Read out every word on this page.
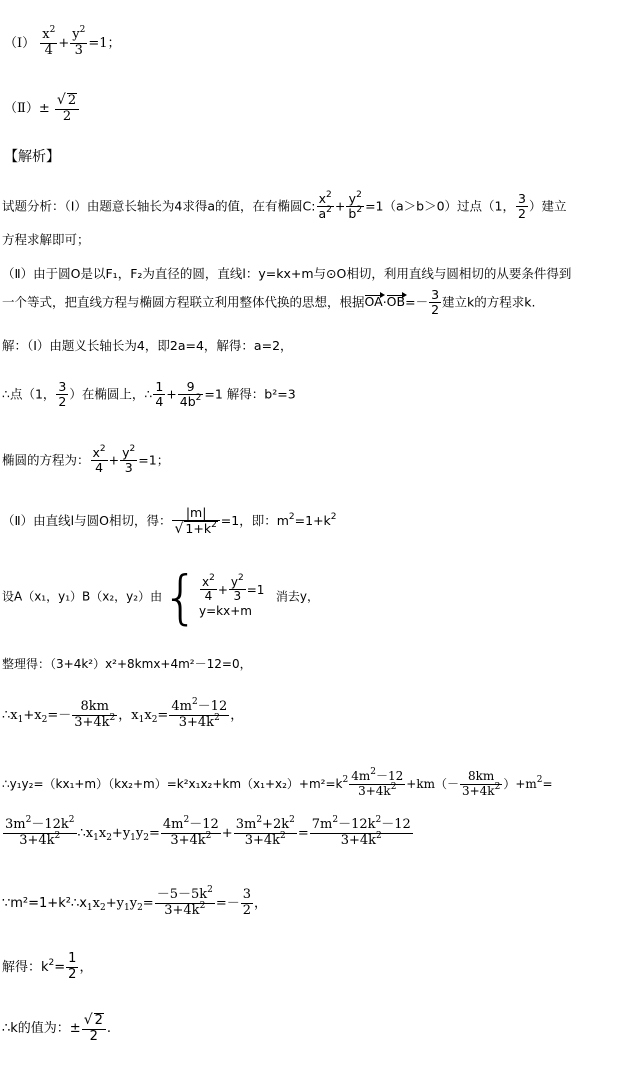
（Ⅰ） $\frac{x^2}{4} + \frac{y^2}{3} =1$；
（Ⅱ）± $\frac{√ 2}{2}$
【解析】
试题分析：（Ⅰ）由题意长轴长为4求得a的值，在有椭圆C: $\frac{x^2}{a^2} + \frac{y^2}{b^2} =1(a>b>0)$过点（1， $\frac{3}{2}$ ）建立
方程求解即可；
（Ⅱ）由于圆O是以F₁，F₂为直径的圆，直线l：y=kx+m与⊙O相切，利用直线与圆相切的从要条件得到
一个等式，把直线方程与椭圆方程联立利用整体代换的思想，根据$OA\cdot OB=- \frac{3}{2}$ 建立k的方程求k.
解：（Ⅰ）由题义长轴长为4，即2a=4，解得：a=2，
∴点（1， $\frac{3}{2}$ ）在椭圆上，∴ $\frac{1}{4} + \frac{9}{4b^2} =1$ 解得：b²=3
椭圆的方程为： $\frac{x^2}{4} + \frac{y^2}{3} =1$；
（Ⅱ）由直线l与圆O相切，得： $\frac{|m|}{√ 1+k^2} =1$，即：$m^2=1+k^2$
设A（x₁，y₁）B（x₂，y₂）由{ $\frac{x^2}{4} + \frac{y^2}{3} =1$
y=kx+m
消去y，
整理得：（3+4k²）x²+8kmx+4m²－12=0，
$\therefore x_1+x_2=- \frac{8km}{3+4k^2}$ ，$x_1x_2= \frac{4m^2-12}{3+4k^2}$ ，
$\therefore y_1y_2=(kx_1+m)(kx_2+m)=k^2x_1x_2+km(x_1+x_2)+m^2=k^2 \frac{4m^2-12}{3+4k^2} +km(- \frac{8km}{3+4k^2} )+m^2=$
$\frac{3m^2-12k^2}{3+4k^2}$ $\therefore x_1x_2+y_1y_2= \frac{4m^2-12}{3+4k^2} + \frac{3m^2+2k^2}{3+4k^2} = \frac{7m^2-12k^2-12}{3+4k^2}$
$\because m^2=1+k^2\therefore x_1x_2+y_1y_2= \frac{-5-5k^2}{3+4k^2} =- \frac{3}{2}$ ，
解得：$k^2= \frac{1}{2}$ ，
∴k的值为：± $\frac{√ 2}{2}$ .
